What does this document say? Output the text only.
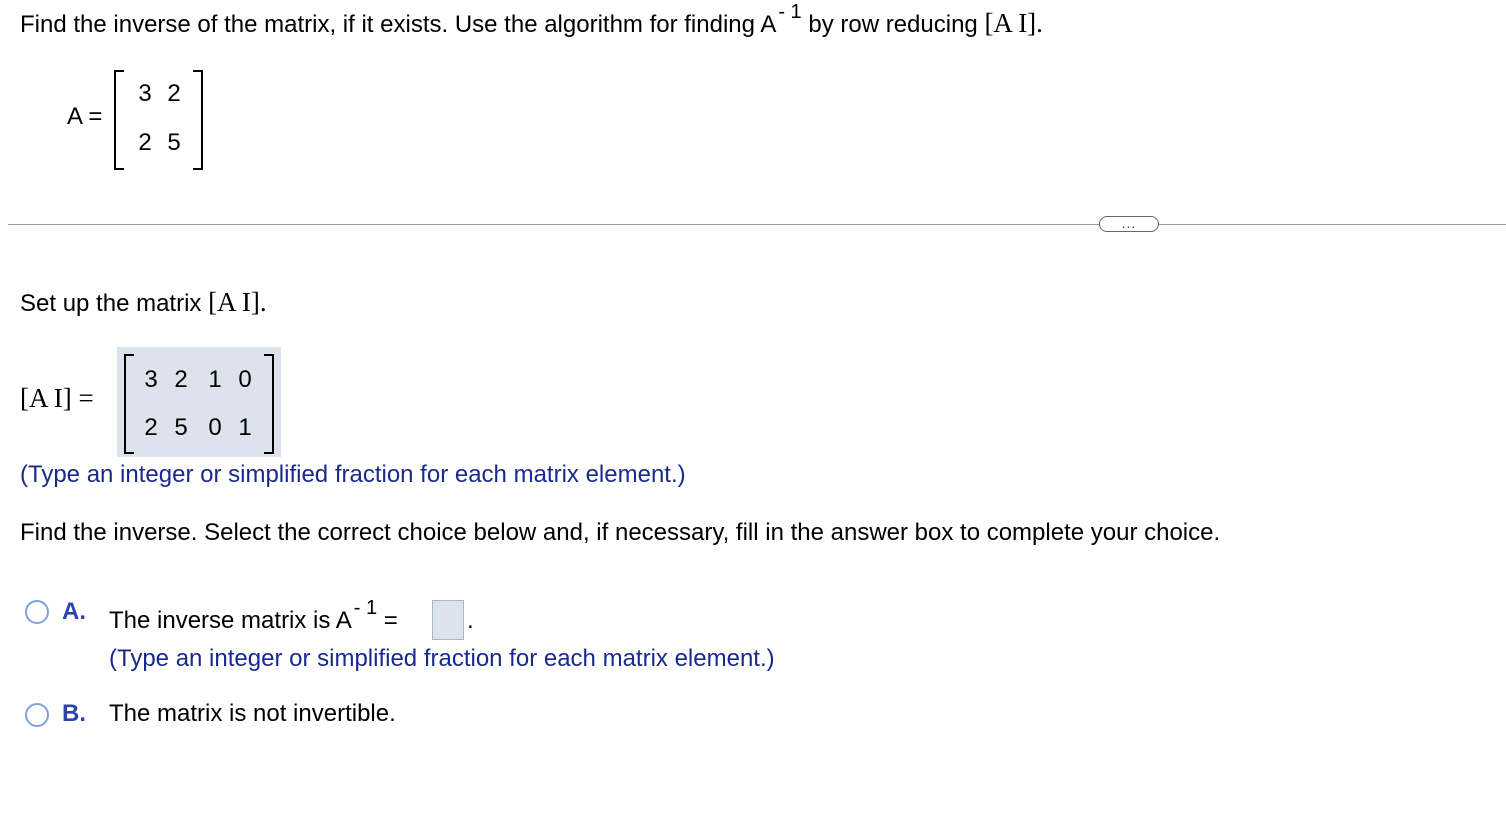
Find the inverse of the matrix, if it exists. Use the algorithm for finding A $^{- 1}$ by row reducing [A I].
A =
3 2
2 5
...
Set up the matrix [A I].
[A I] =
3 2 1 0
2 5 0 1
(Type an integer or simplified fraction for each matrix element.)
Find the inverse. Select the correct choice below and, if necessary, fill in the answer box to complete your choice.
A. The inverse matrix is A $^{- 1}$ =	.
(Type an integer or simplified fraction for each matrix element.)
B. The matrix is not invertible.
